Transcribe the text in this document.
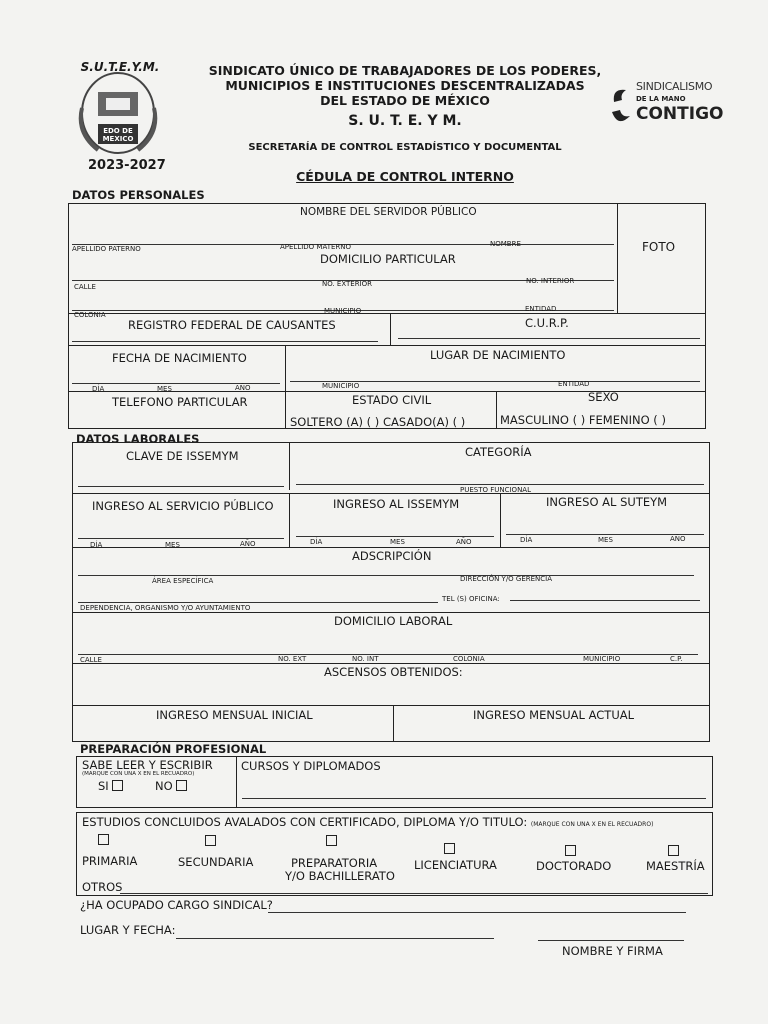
S.U.T.E.Y.M.
EDO DE
MEXICO
2023-2027
SINDICATO ÚNICO DE TRABAJADORES DE LOS PODERES,
MUNICIPIOS E INSTITUCIONES DESCENTRALIZADAS
DEL ESTADO DE MÉXICO
S. U. T. E. Y M.
SECRETARÍA DE CONTROL ESTADÍSTICO Y DOCUMENTAL
CÉDULA DE CONTROL INTERNO
SINDICALISMO
DE LA MANO
CONTIGO
DATOS PERSONALES
FOTO
NOMBRE DEL SERVIDOR PÚBLICO
APELLIDO PATERNO	APELLIDO MATERNO	NOMBRE
DOMICILIO PARTICULAR
CALLE	NO. EXTERIOR	NO. INTERIOR
COLONIA	MUNICIPIO	ENTIDAD
REGISTRO FEDERAL DE CAUSANTES	C.U.R.P.
FECHA DE NACIMIENTO	LUGAR DE NACIMIENTO
DÍA	MES	AÑO	MUNICIPIO	ENTIDAD
TELEFONO PARTICULAR	ESTADO CIVIL
SOLTERO (A) ( ) CASADO(A) ( )
SEXO
MASCULINO ( ) FEMENINO ( )
DATOS LABORALES
CLAVE DE ISSEMYM	CATEGORÍA
PUESTO FUNCIONAL
INGRESO AL SERVICIO PÚBLICO	INGRESO AL ISSEMYM	INGRESO AL SUTEYM
DÍA	MES	AÑO	DÍA	MES	AÑO	DÍA	MES	AÑO
ADSCRIPCIÓN
ÁREA ESPECÍFICA	DIRECCIÓN Y/O GERENCIA
TEL (S) OFICINA:
DEPENDENCIA, ORGANISMO Y/O AYUNTAMIENTO
DOMICILIO LABORAL
CALLE	NO. EXT	NO. INT	COLONIA	MUNICIPIO	C.P.
ASCENSOS OBTENIDOS:
INGRESO MENSUAL INICIAL	INGRESO MENSUAL ACTUAL
PREPARACIÓN PROFESIONAL
SABE LEER Y ESCRIBIR
(MARQUE CON UNA X EN EL RECUADRO)
SI	NO
CURSOS Y DIPLOMADOS
ESTUDIOS CONCLUIDOS AVALADOS CON CERTIFICADO, DIPLOMA Y/O TITULO: (MARQUE CON UNA X EN EL RECUADRO)
PRIMARIA	SECUNDARIA	PREPARATORIA
Y/O BACHILLERATO
LICENCIATURA	DOCTORADO	MAESTRÍA
OTROS
¿HA OCUPADO CARGO SINDICAL?
LUGAR Y FECHA:
NOMBRE Y FIRMA
